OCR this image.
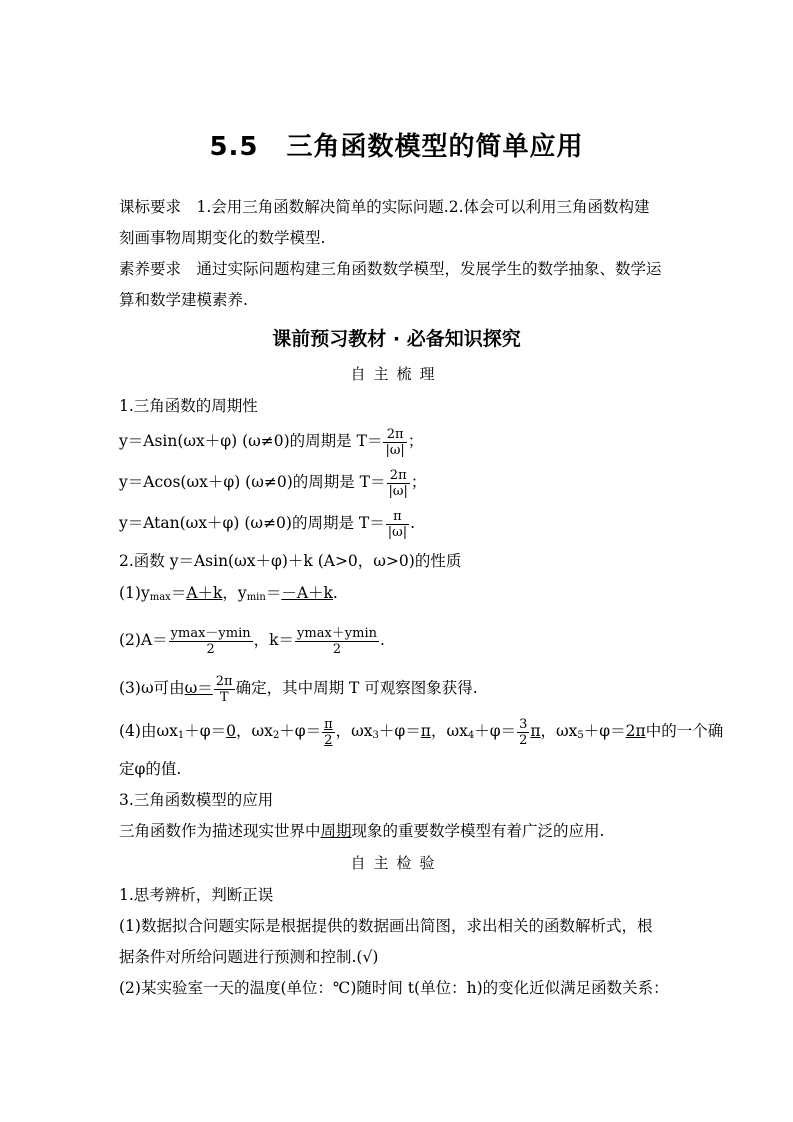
5.5 三角函数模型的简单应用
课标要求　1.会用三角函数解决简单的实际问题.2.体会可以利用三角函数构建
刻画事物周期变化的数学模型.
素养要求　通过实际问题构建三角函数数学模型，发展学生的数学抽象、数学运
算和数学建模素养.
课前预习教材 · 必备知识探究
自主梳理
1.三角函数的周期性
y＝Asin(ωx＋φ) (ω≠0)的周期是 $T= \frac{2\pi}{|\omega|}$ ；
y＝Acos(ωx＋φ) (ω≠0)的周期是 $T= \frac{2\pi}{|\omega|}$ ；
y＝Atan(ωx＋φ) (ω≠0)的周期是 $T= \frac{\pi}{|\omega|}$ .
2.函数 y＝Asin(ωx＋φ)＋k (A>0，ω>0)的性质
$(1)y_{max}=A+k$，$y_{min}=-A+k$.
$(2)A= \frac{ymax-ymin}{2}$ ，$k= \frac{ymax+ymin}{2}$ .
(3)ω可由$\omega= \frac{2\pi}{T}$ 确定，其中周期 T 可观察图象获得.
(4)由$\omega x_1+\varphi=0$，$\omega x_2+\varphi= \frac{\pi}{2}$ ，$\omega x_3+\varphi=\pi$，$\omega x_4+\varphi= \frac{3}{2}$ π，$\omega x_5+\varphi=2\pi$中的一个确
定φ的值.
3.三角函数模型的应用
三角函数作为描述现实世界中周期现象的重要数学模型有着广泛的应用.
自主检验
1.思考辨析，判断正误
(1)数据拟合问题实际是根据提供的数据画出简图，求出相关的函数解析式，根
据条件对所给问题进行预测和控制.(√)
(2)某实验室一天的温度(单位：℃)随时间 t(单位：h)的变化近似满足函数关系：
